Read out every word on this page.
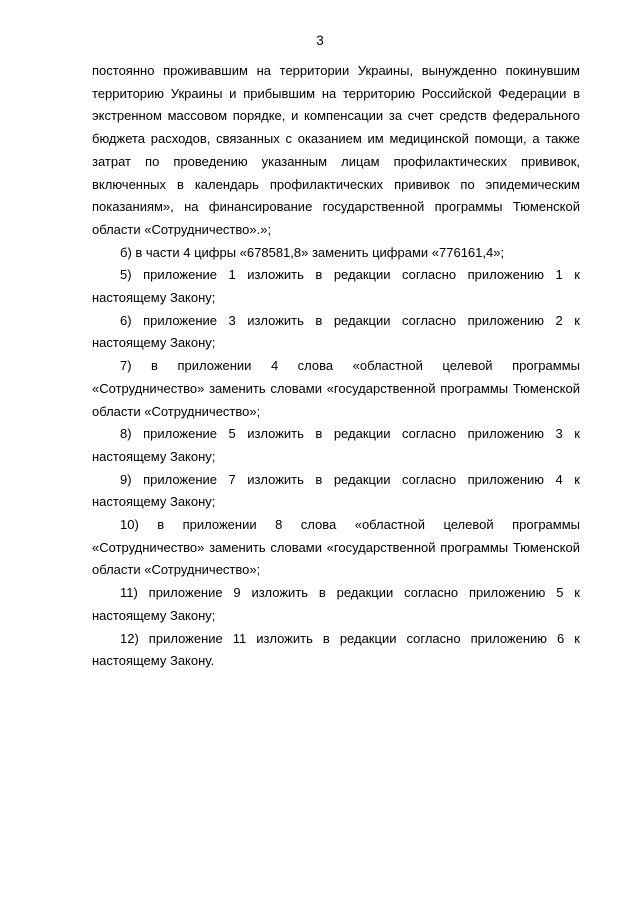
3

постоянно проживавшим на территории Украины, вынужденно покинувшим территорию Украины и прибывшим на территорию Российской Федерации в экстренном массовом порядке, и компенсации за счет средств федерального бюджета расходов, связанных с оказанием им медицинской помощи, а также затрат по проведению указанным лицам профилактических прививок, включенных в календарь профилактических прививок по эпидемическим показаниям», на финансирование государственной программы Тюменской области «Сотрудничество».»;

б) в части 4 цифры «678581,8» заменить цифрами «776161,4»;

5) приложение 1 изложить в редакции согласно приложению 1 к настоящему Закону;

6) приложение 3 изложить в редакции согласно приложению 2 к настоящему Закону;

7) в приложении 4 слова «областной целевой программы «Сотрудничество» заменить словами «государственной программы Тюменской области «Сотрудничество»;

8) приложение 5 изложить в редакции согласно приложению 3 к настоящему Закону;

9) приложение 7 изложить в редакции согласно приложению 4 к настоящему Закону;

10) в приложении 8 слова «областной целевой программы «Сотрудничество» заменить словами «государственной программы Тюменской области «Сотрудничество»;

11) приложение 9 изложить в редакции согласно приложению 5 к настоящему Закону;

12) приложение 11 изложить в редакции согласно приложению 6 к настоящему Закону.
